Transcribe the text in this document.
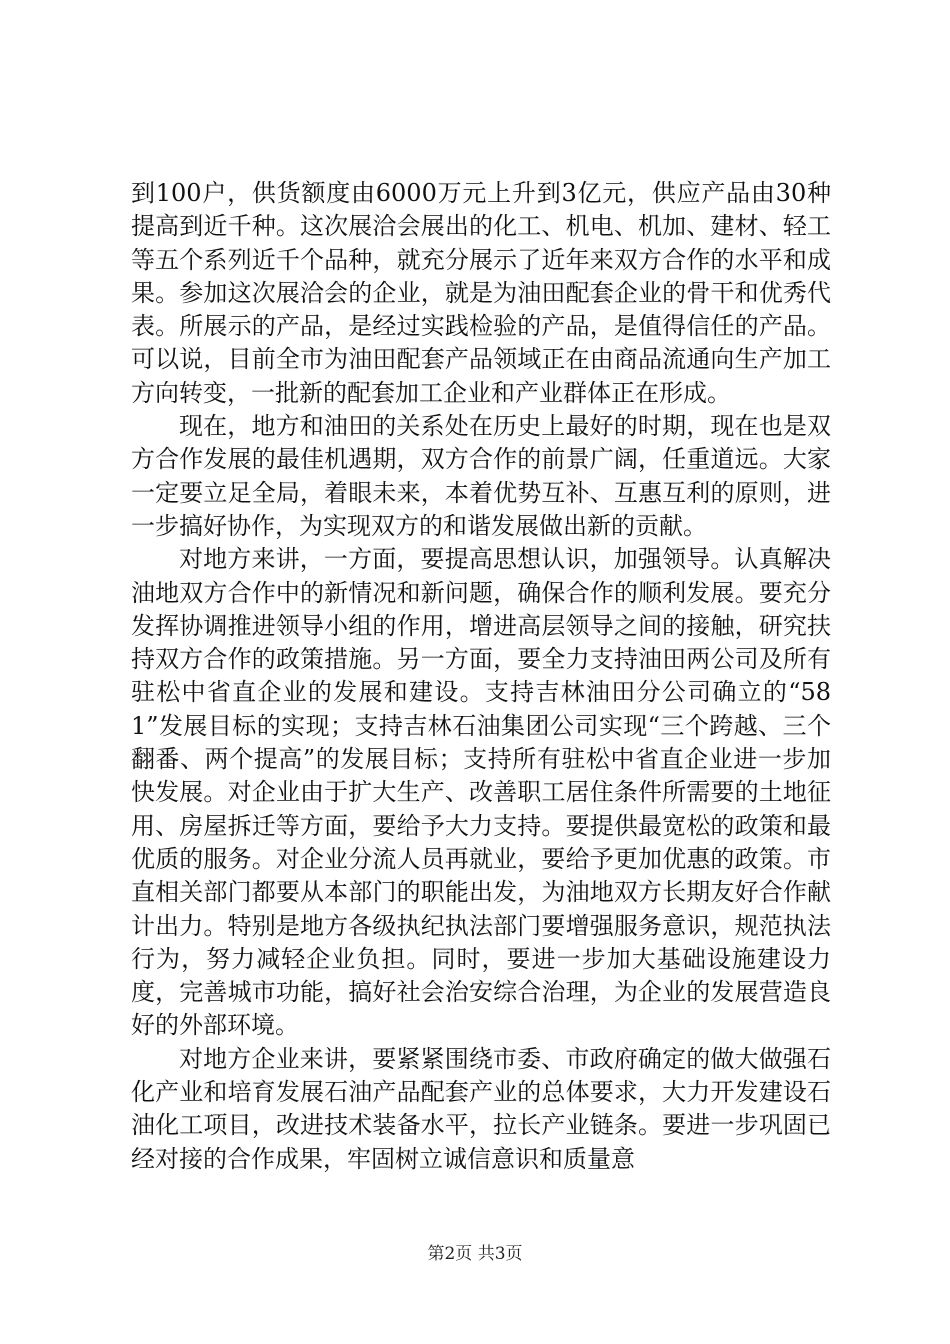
到100户，供货额度由6000万元上升到3亿元，供应产品由30种提高到近千种。这次展洽会展出的化工、机电、机加、建材、轻工等五个系列近千个品种，就充分展示了近年来双方合作的水平和成果。参加这次展洽会的企业，就是为油田配套企业的骨干和优秀代表。所展示的产品，是经过实践检验的产品，是值得信任的产品。可以说，目前全市为油田配套产品领域正在由商品流通向生产加工方向转变，一批新的配套加工企业和产业群体正在形成。

现在，地方和油田的关系处在历史上最好的时期，现在也是双方合作发展的最佳机遇期，双方合作的前景广阔，任重道远。大家一定要立足全局，着眼未来，本着优势互补、互惠互利的原则，进一步搞好协作，为实现双方的和谐发展做出新的贡献。

对地方来讲，一方面，要提高思想认识，加强领导。认真解决油地双方合作中的新情况和新问题，确保合作的顺利发展。要充分发挥协调推进领导小组的作用，增进高层领导之间的接触，研究扶持双方合作的政策措施。另一方面，要全力支持油田两公司及所有驻松中省直企业的发展和建设。支持吉林油田分公司确立的“581”发展目标的实现；支持吉林石油集团公司实现“三个跨越、三个翻番、两个提高”的发展目标；支持所有驻松中省直企业进一步加快发展。对企业由于扩大生产、改善职工居住条件所需要的土地征用、房屋拆迁等方面，要给予大力支持。要提供最宽松的政策和最优质的服务。对企业分流人员再就业，要给予更加优惠的政策。市直相关部门都要从本部门的职能出发，为油地双方长期友好合作献计出力。特别是地方各级执纪执法部门要增强服务意识，规范执法行为，努力减轻企业负担。同时，要进一步加大基础设施建设力度，完善城市功能，搞好社会治安综合治理，为企业的发展营造良好的外部环境。

对地方企业来讲，要紧紧围绕市委、市政府确定的做大做强石化产业和培育发展石油产品配套产业的总体要求，大力开发建设石油化工项目，改进技术装备水平，拉长产业链条。要进一步巩固已经对接的合作成果，牢固树立诚信意识和质量意

第2页 共3页
